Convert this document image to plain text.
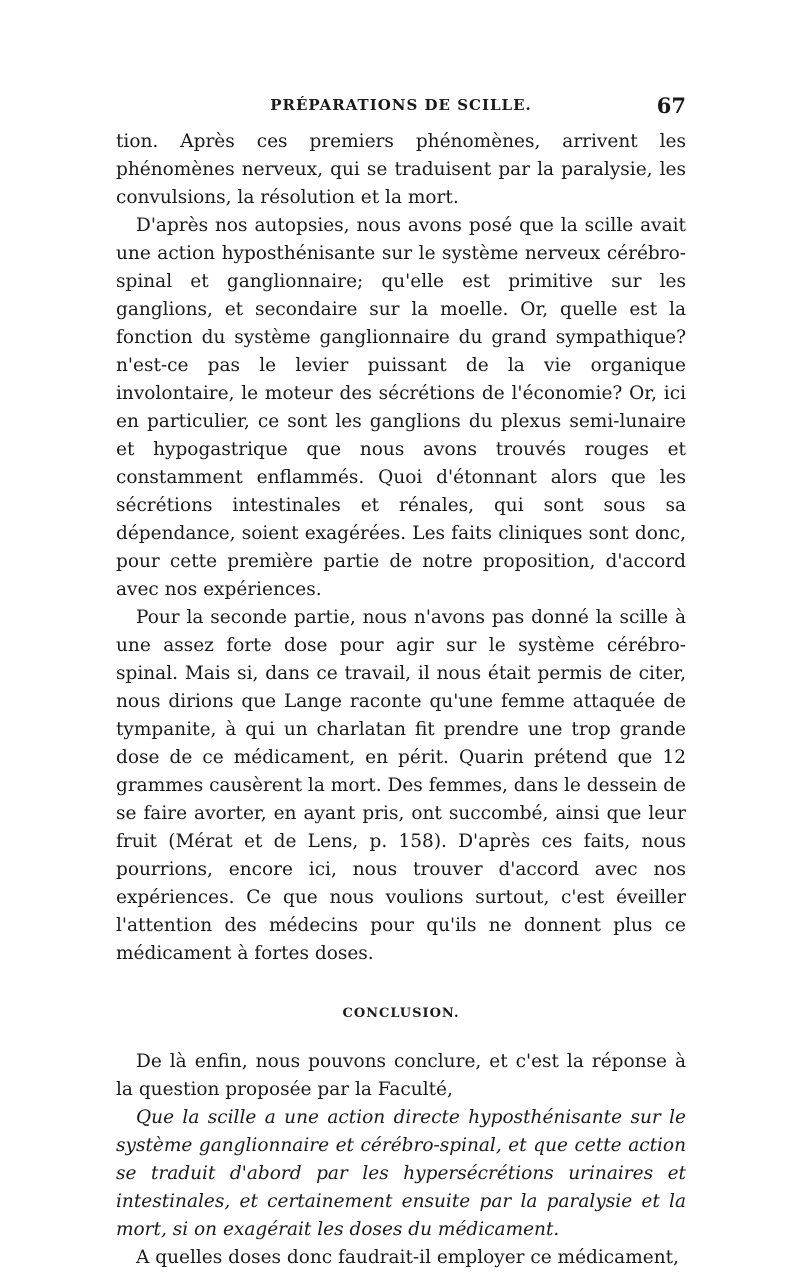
PRÉPARATIONS DE SCILLE.	67

tion. Après ces premiers phénomènes, arrivent les phénomènes nerveux, qui se traduisent par la paralysie, les convulsions, la résolution et la mort.

D'après nos autopsies, nous avons posé que la scille avait une action hyposthénisante sur le système nerveux cérébro-spinal et ganglionnaire; qu'elle est primitive sur les ganglions, et secondaire sur la moelle. Or, quelle est la fonction du système ganglionnaire du grand sympathique? n'est-ce pas le levier puissant de la vie organique involontaire, le moteur des sécrétions de l'économie? Or, ici en particulier, ce sont les ganglions du plexus semi-lunaire et hypogastrique que nous avons trouvés rouges et constamment enflammés. Quoi d'étonnant alors que les sécrétions intestinales et rénales, qui sont sous sa dépendance, soient exagérées. Les faits cliniques sont donc, pour cette première partie de notre proposition, d'accord avec nos expériences.

Pour la seconde partie, nous n'avons pas donné la scille à une assez forte dose pour agir sur le système cérébro-spinal. Mais si, dans ce travail, il nous était permis de citer, nous dirions que Lange raconte qu'une femme attaquée de tympanite, à qui un charlatan fit prendre une trop grande dose de ce médicament, en périt. Quarin prétend que 12 grammes causèrent la mort. Des femmes, dans le dessein de se faire avorter, en ayant pris, ont succombé, ainsi que leur fruit (Mérat et de Lens, p. 158). D'après ces faits, nous pourrions, encore ici, nous trouver d'accord avec nos expériences. Ce que nous voulions surtout, c'est éveiller l'attention des médecins pour qu'ils ne donnent plus ce médicament à fortes doses.

CONCLUSION.

De là enfin, nous pouvons conclure, et c'est la réponse à la question proposée par la Faculté,

Que la scille a une action directe hyposthénisante sur le système ganglionnaire et cérébro-spinal, et que cette action se traduit d'abord par les hypersécrétions urinaires et intestinales, et certainement ensuite par la paralysie et la mort, si on exagérait les doses du médicament.

A quelles doses donc faudrait-il employer ce médicament,
